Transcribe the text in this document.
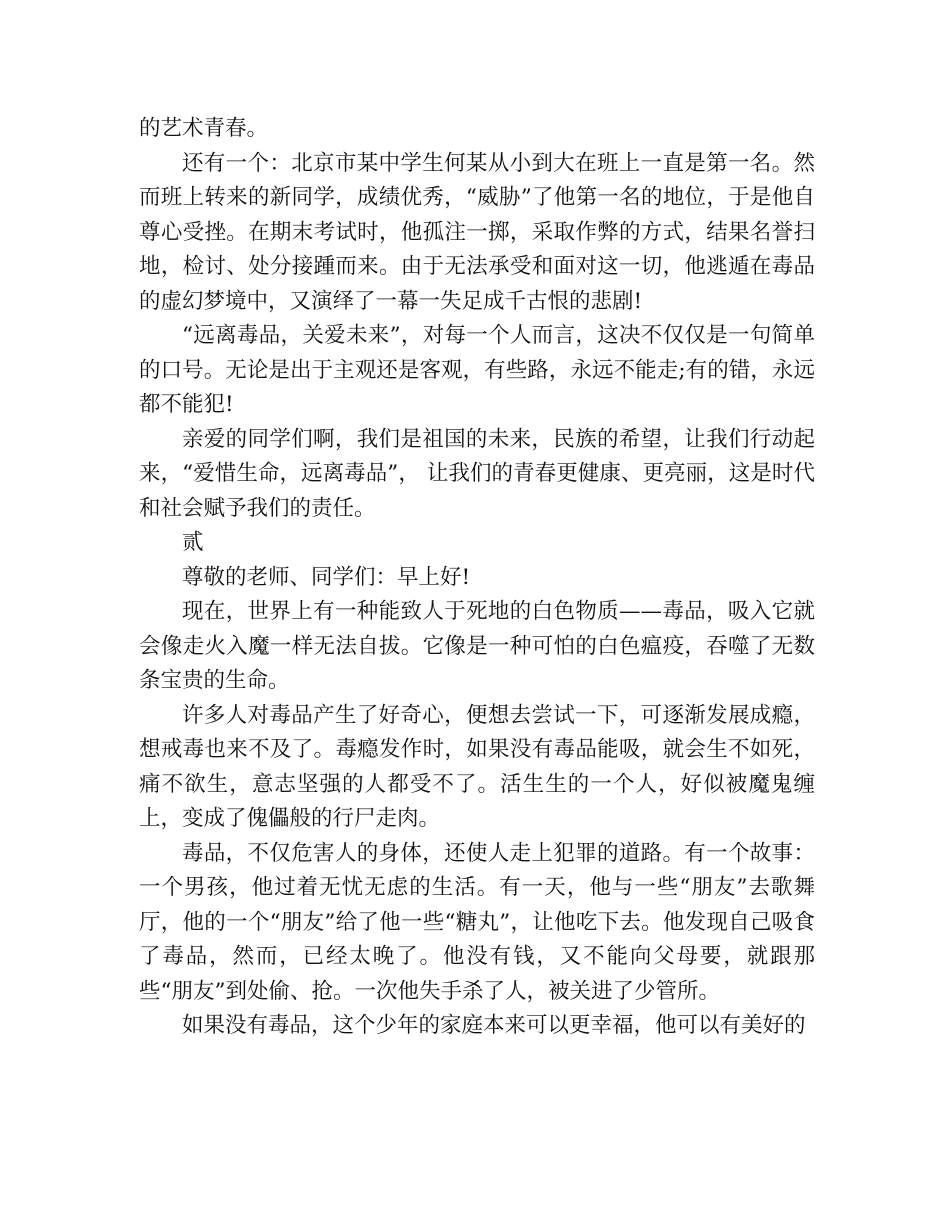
的艺术青春。

还有一个：北京市某中学生何某从小到大在班上一直是第一名。然而班上转来的新同学，成绩优秀，“威胁”了他第一名的地位，于是他自尊心受挫。在期末考试时，他孤注一掷，采取作弊的方式，结果名誉扫地，检讨、处分接踵而来。由于无法承受和面对这一切，他逃遁在毒品的虚幻梦境中，又演绎了一幕一失足成千古恨的悲剧!

“远离毒品，关爱未来”，对每一个人而言，这决不仅仅是一句简单的口号。无论是出于主观还是客观，有些路，永远不能走;有的错，永远都不能犯!

亲爱的同学们啊，我们是祖国的未来，民族的希望，让我们行动起来，“爱惜生命，远离毒品”， 让我们的青春更健康、更亮丽，这是时代和社会赋予我们的责任。

贰

尊敬的老师、同学们：早上好!

现在，世界上有一种能致人于死地的白色物质——毒品，吸入它就会像走火入魔一样无法自拔。它像是一种可怕的白色瘟疫，吞噬了无数条宝贵的生命。

许多人对毒品产生了好奇心，便想去尝试一下，可逐渐发展成瘾，想戒毒也来不及了。毒瘾发作时，如果没有毒品能吸，就会生不如死，痛不欲生，意志坚强的人都受不了。活生生的一个人，好似被魔鬼缠上，变成了傀儡般的行尸走肉。

毒品，不仅危害人的身体，还使人走上犯罪的道路。有一个故事：一个男孩，他过着无忧无虑的生活。有一天，他与一些“朋友”去歌舞厅，他的一个“朋友”给了他一些“糖丸”，让他吃下去。他发现自己吸食了毒品，然而，已经太晚了。他没有钱，又不能向父母要，就跟那些“朋友”到处偷、抢。一次他失手杀了人，被关进了少管所。

如果没有毒品，这个少年的家庭本来可以更幸福，他可以有美好的
